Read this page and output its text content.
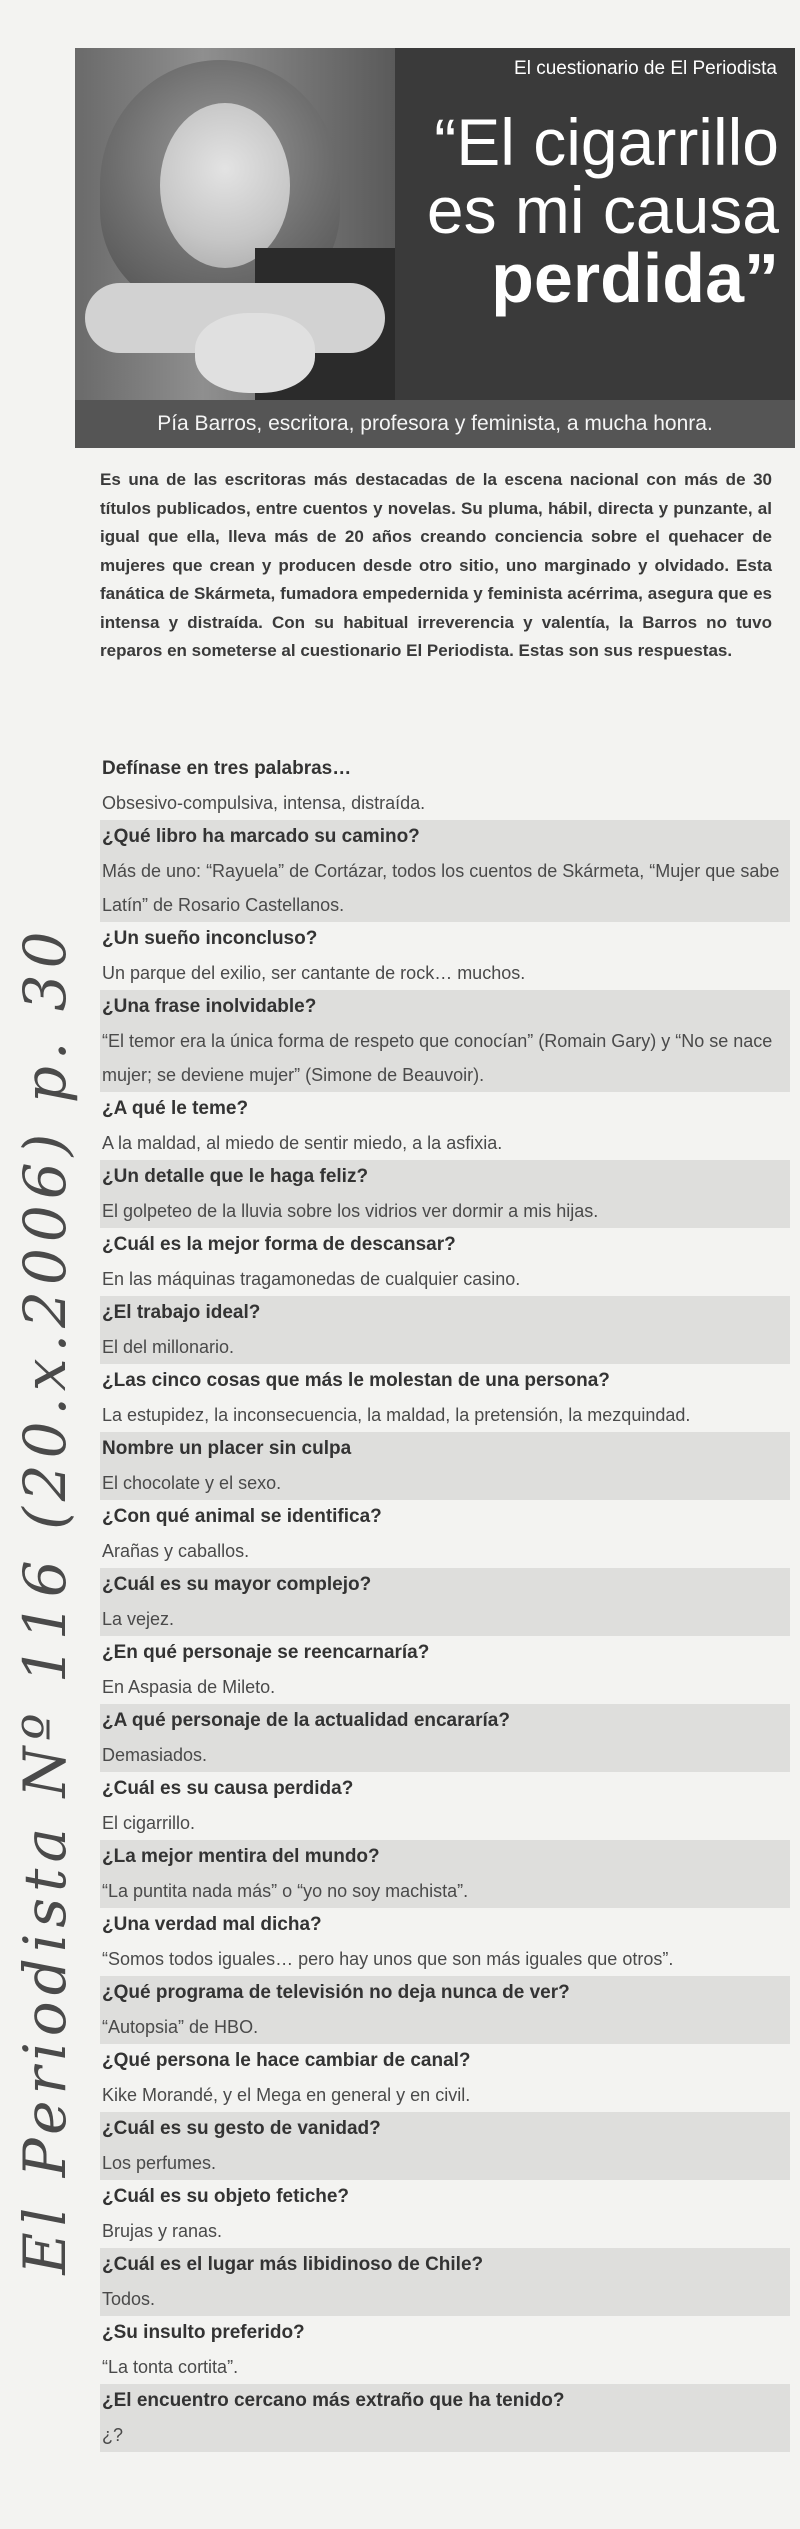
El Periodista Nº 116 (20.x.2006) p. 30
El cuestionario de El Periodista
“El cigarrillo
es mi causa
perdida”
Pía Barros, escritora, profesora y feminista, a mucha honra.
Es una de las escritoras más destacadas de la escena nacional con más de 30 títulos publicados, entre cuentos y novelas. Su pluma, hábil, directa y punzante, al igual que ella, lleva más de 20 años creando conciencia sobre el quehacer de mujeres que crean y producen desde otro sitio, uno marginado y olvidado. Esta fanática de Skármeta, fumadora empedernida y feminista acérrima, asegura que es intensa y distraída. Con su habitual irreverencia y valentía, la Barros no tuvo reparos en someterse al cuestionario El Periodista. Estas son sus respuestas.
Defínase en tres palabras…
Obsesivo-compulsiva, intensa, distraída.
¿Qué libro ha marcado su camino?
Más de uno: “Rayuela” de Cortázar, todos los cuentos de Skármeta, “Mujer que sabe Latín” de Rosario Castellanos.
¿Un sueño inconcluso?
Un parque del exilio, ser cantante de rock… muchos.
¿Una frase inolvidable?
“El temor era la única forma de respeto que conocían” (Romain Gary) y “No se nace mujer; se deviene mujer” (Simone de Beauvoir).
¿A qué le teme?
A la maldad, al miedo de sentir miedo, a la asfixia.
¿Un detalle que le haga feliz?
El golpeteo de la lluvia sobre los vidrios ver dormir a mis hijas.
¿Cuál es la mejor forma de descansar?
En las máquinas tragamonedas de cualquier casino.
¿El trabajo ideal?
El del millonario.
¿Las cinco cosas que más le molestan de una persona?
La estupidez, la inconsecuencia, la maldad, la pretensión, la mezquindad.
Nombre un placer sin culpa
El chocolate y el sexo.
¿Con qué animal se identifica?
Arañas y caballos.
¿Cuál es su mayor complejo?
La vejez.
¿En qué personaje se reencarnaría?
En Aspasia de Mileto.
¿A qué personaje de la actualidad encararía?
Demasiados.
¿Cuál es su causa perdida?
El cigarrillo.
¿La mejor mentira del mundo?
“La puntita nada más” o “yo no soy machista”.
¿Una verdad mal dicha?
“Somos todos iguales… pero hay unos que son más iguales que otros”.
¿Qué programa de televisión no deja nunca de ver?
“Autopsia” de HBO.
¿Qué persona le hace cambiar de canal?
Kike Morandé, y el Mega en general y en civil.
¿Cuál es su gesto de vanidad?
Los perfumes.
¿Cuál es su objeto fetiche?
Brujas y ranas.
¿Cuál es el lugar más libidinoso de Chile?
Todos.
¿Su insulto preferido?
“La tonta cortita”.
¿El encuentro cercano más extraño que ha tenido?
¿?
